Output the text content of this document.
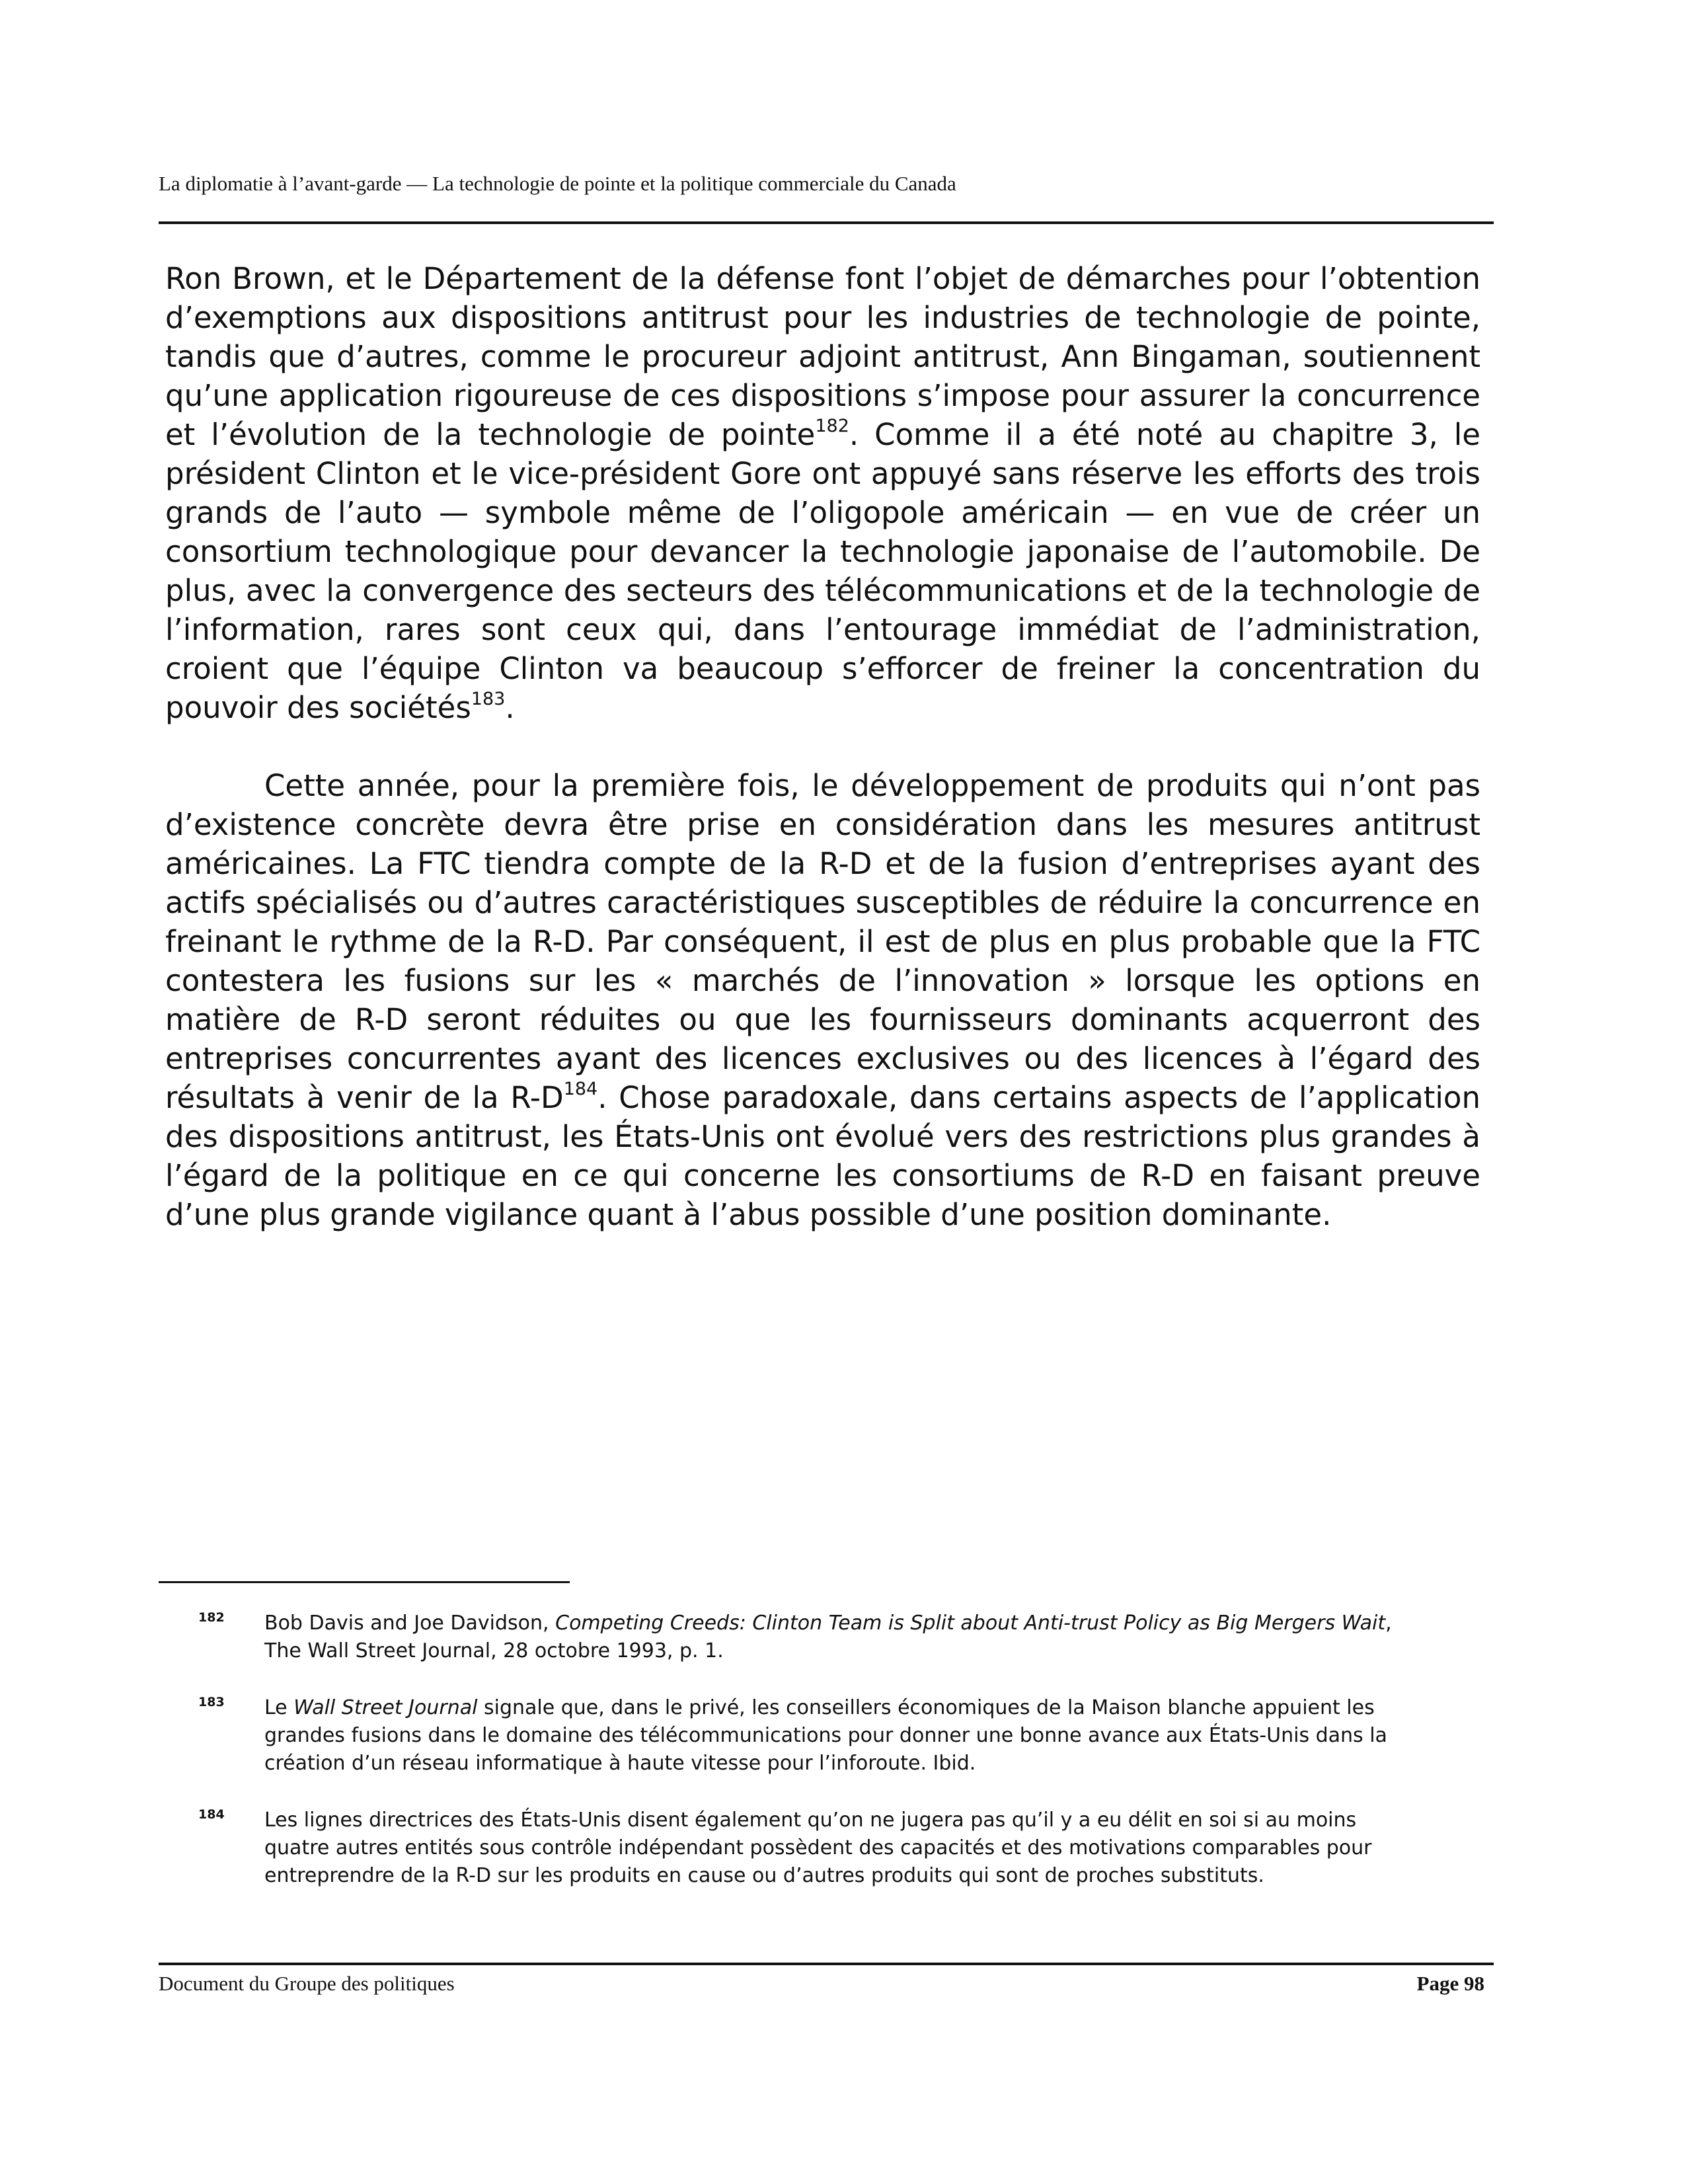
La diplomatie à l’avant-garde — La technologie de pointe et la politique commerciale du Canada

Ron Brown, et le Département de la défense font l’objet de démarches pour l’obtention d’exemptions aux dispositions antitrust pour les industries de technologie de pointe, tandis que d’autres, comme le procureur adjoint antitrust, Ann Bingaman, soutiennent qu’une application rigoureuse de ces dispositions s’impose pour assurer la concurrence et l’évolution de la technologie de pointe$^{182}$. Comme il a été noté au chapitre 3, le président Clinton et le vice-président Gore ont appuyé sans réserve les efforts des trois grands de l’auto — symbole même de l’oligopole américain — en vue de créer un consortium technologique pour devancer la technologie japonaise de l’automobile. De plus, avec la convergence des secteurs des télécommunications et de la technologie de l’information, rares sont ceux qui, dans l’entourage immédiat de l’administration, croient que l’équipe Clinton va beaucoup s’efforcer de freiner la concentration du pouvoir des sociétés$^{183}$.

Cette année, pour la première fois, le développement de produits qui n’ont pas d’existence concrète devra être prise en considération dans les mesures antitrust américaines. La FTC tiendra compte de la R-D et de la fusion d’entreprises ayant des actifs spécialisés ou d’autres caractéristiques susceptibles de réduire la concurrence en freinant le rythme de la R-D. Par conséquent, il est de plus en plus probable que la FTC contestera les fusions sur les « marchés de l’innovation » lorsque les options en matière de R-D seront réduites ou que les fournisseurs dominants acquerront des entreprises concurrentes ayant des licences exclusives ou des licences à l’égard des résultats à venir de la $R-D^{184}$. Chose paradoxale, dans certains aspects de l’application des dispositions antitrust, les États-Unis ont évolué vers des restrictions plus grandes à l’égard de la politique en ce qui concerne les consortiums de R-D en faisant preuve d’une plus grande vigilance quant à l’abus possible d’une position dominante.

182 Bob Davis and Joe Davidson, Competing Creeds: Clinton Team is Split about Anti-trust Policy as Big Mergers Wait, The Wall Street Journal, 28 octobre 1993, p. 1.
183 Le Wall Street Journal signale que, dans le privé, les conseillers économiques de la Maison blanche appuient les grandes fusions dans le domaine des télécommunications pour donner une bonne avance aux États-Unis dans la création d’un réseau informatique à haute vitesse pour l’inforoute. Ibid.
184 Les lignes directrices des États-Unis disent également qu’on ne jugera pas qu’il y a eu délit en soi si au moins quatre autres entités sous contrôle indépendant possèdent des capacités et des motivations comparables pour entreprendre de la R-D sur les produits en cause ou d’autres produits qui sont de proches substituts.
Document du Groupe des politiques	Page 98
